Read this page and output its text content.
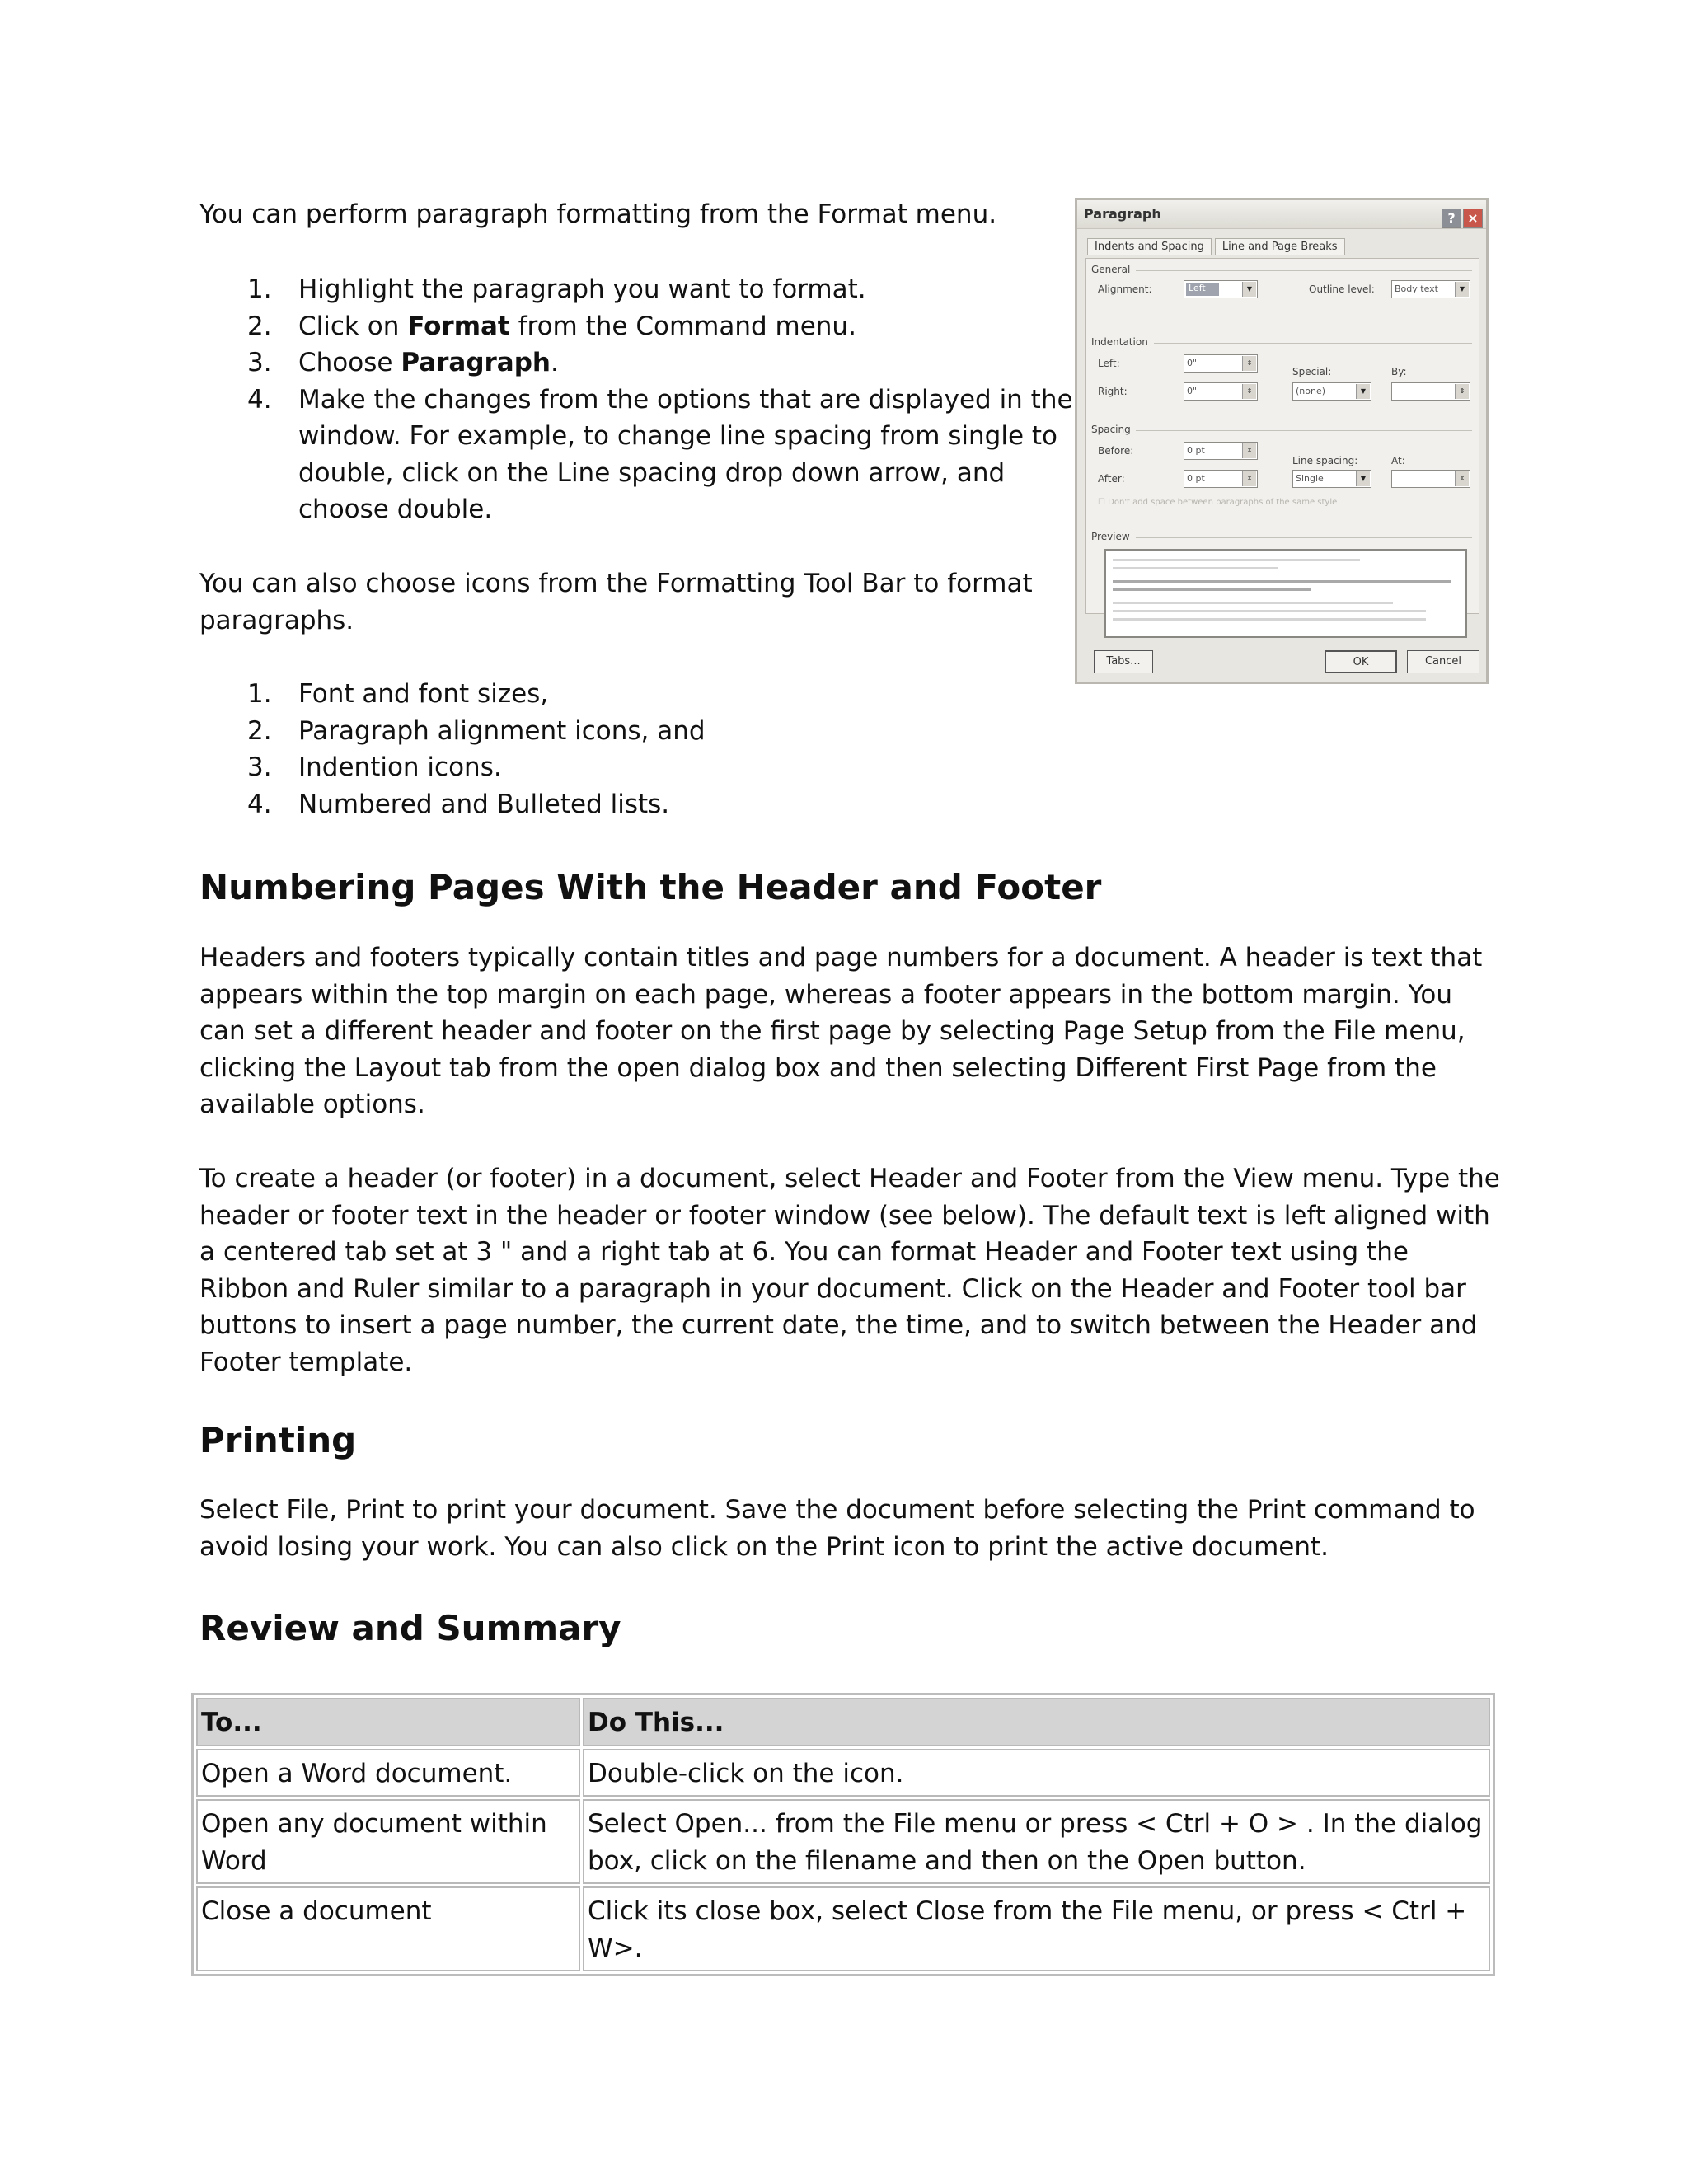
You can perform paragraph formatting from the Format menu.

1. Highlight the paragraph you want to format.
2. Click on Format from the Command menu.
3. Choose Paragraph.
4. Make the changes from the options that are displayed in the window. For example, to change line spacing from single to double, click on the Line spacing drop down arrow, and choose double.

You can also choose icons from the Formatting Tool Bar to format paragraphs.

1. Font and font sizes,
2. Paragraph alignment icons, and
3. Indention icons.
4. Numbered and Bulleted lists.
Paragraph	? ×
Indents and Spacing Line and Page Breaks
General
Alignment:	Left	▼	Outline level:	Body text	▼
Indentation
Left:	0"	⇕
Right:	0"	⇕
Special:
(none)	▼
By:
⇕
Spacing
Before:	0 pt	⇕
After:	0 pt	⇕
Line spacing:
Single	▼
At:
⇕
☐ Don't add space between paragraphs of the same style
Preview
Tabs...	OK	Cancel
Numbering Pages With the Header and Footer

Headers and footers typically contain titles and page numbers for a document. A header is text that appears within the top margin on each page, whereas a footer appears in the bottom margin. You can set a different header and footer on the first page by selecting Page Setup from the File menu, clicking the Layout tab from the open dialog box and then selecting Different First Page from the available options.

To create a header (or footer) in a document, select Header and Footer from the View menu. Type the header or footer text in the header or footer window (see below). The default text is left aligned with a centered tab set at 3 " and a right tab at 6. You can format Header and Footer text using the Ribbon and Ruler similar to a paragraph in your document. Click on the Header and Footer tool bar buttons to insert a page number, the current date, the time, and to switch between the Header and Footer template.

Printing

Select File, Print to print your document. Save the document before selecting the Print command to avoid losing your work. You can also click on the Print icon to print the active document.

Review and Summary
To...	Do This...
Open a Word document.	Double-click on the icon.
Open any document within Word	Select Open... from the File menu or press < Ctrl + O > . In the dialog box, click on the filename and then on the Open button.
Close a document	Click its close box, select Close from the File menu, or press < Ctrl + W>.
